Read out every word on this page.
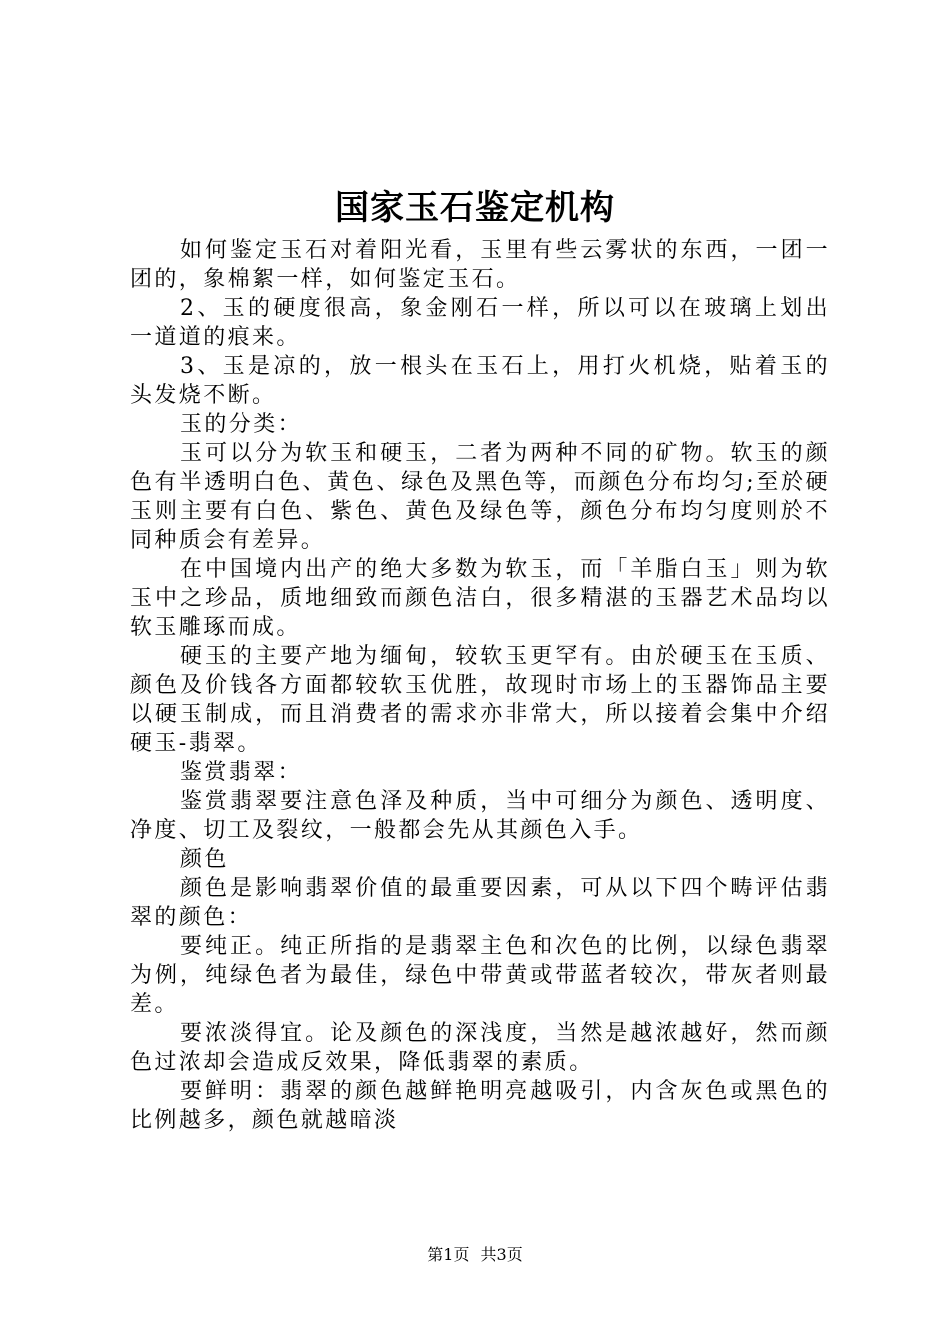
国家玉石鉴定机构

如何鉴定玉石对着阳光看，玉里有些云雾状的东西，一团一团的，象棉絮一样，如何鉴定玉石。

2、玉的硬度很高，象金刚石一样，所以可以在玻璃上划出一道道的痕来。

3、玉是凉的，放一根头在玉石上，用打火机烧，贴着玉的头发烧不断。

玉的分类：

玉可以分为软玉和硬玉，二者为两种不同的矿物。软玉的颜色有半透明白色、黄色、绿色及黑色等，而颜色分布均匀;至於硬玉则主要有白色、紫色、黄色及绿色等，颜色分布均匀度则於不同种质会有差异。

在中国境内出产的绝大多数为软玉，而「羊脂白玉」则为软玉中之珍品，质地细致而颜色洁白，很多精湛的玉器艺术品均以软玉雕琢而成。

硬玉的主要产地为缅甸，较软玉更罕有。由於硬玉在玉质、颜色及价钱各方面都较软玉优胜，故现时市场上的玉器饰品主要以硬玉制成，而且消费者的需求亦非常大，所以接着会集中介绍硬玉-翡翠。

鉴赏翡翠：

鉴赏翡翠要注意色泽及种质，当中可细分为颜色、透明度、净度、切工及裂纹，一般都会先从其颜色入手。

颜色

颜色是影响翡翠价值的最重要因素，可从以下四个畴评估翡翠的颜色：

要纯正。纯正所指的是翡翠主色和次色的比例，以绿色翡翠为例，纯绿色者为最佳，绿色中带黄或带蓝者较次，带灰者则最差。

要浓淡得宜。论及颜色的深浅度，当然是越浓越好，然而颜色过浓却会造成反效果，降低翡翠的素质。

要鲜明：翡翠的颜色越鲜艳明亮越吸引，内含灰色或黑色的比例越多，颜色就越暗淡

第1页 共3页
